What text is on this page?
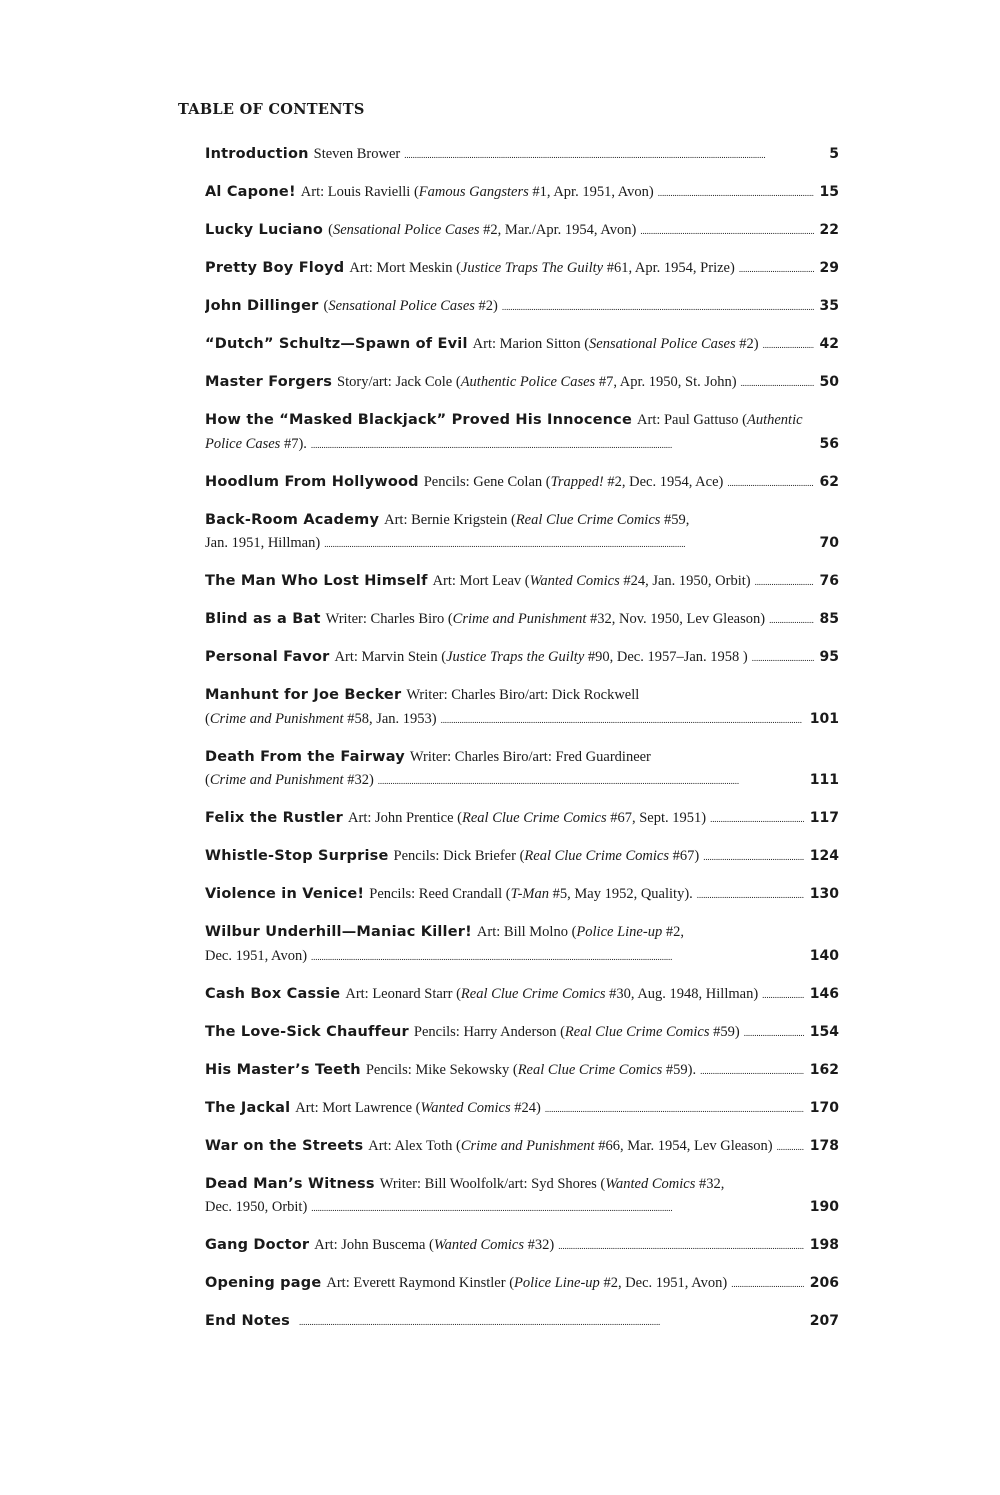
TABLE OF CONTENTS
Introduction Steven Brower . . .	5
Al Capone! Art: Louis Ravielli (Famous Gangsters #1, Apr. 1951, Avon) . . .	15
Lucky Luciano (Sensational Police Cases #2, Mar./Apr. 1954, Avon) . . .	22
Pretty Boy Floyd Art: Mort Meskin (Justice Traps The Guilty #61, Apr. 1954, Prize) . . .	29
John Dillinger (Sensational Police Cases #2) . . .	35
“Dutch” Schultz—Spawn of Evil Art: Marion Sitton (Sensational Police Cases #2) . . .	42
Master Forgers Story/art: Jack Cole (Authentic Police Cases #7, Apr. 1950, St. John) . . .	50
How the “Masked Blackjack” Proved His Innocence Art: Paul Gattuso (Authentic
Police Cases #7). . . .	56
Hoodlum From Hollywood Pencils: Gene Colan (Trapped! #2, Dec. 1954, Ace) . . .	62
Back-Room Academy Art: Bernie Krigstein (Real Clue Crime Comics #59,
Jan. 1951, Hillman) . . .	70
The Man Who Lost Himself Art: Mort Leav (Wanted Comics #24, Jan. 1950, Orbit) . . .	76
Blind as a Bat Writer: Charles Biro (Crime and Punishment #32, Nov. 1950, Lev Gleason) . . .	85
Personal Favor Art: Marvin Stein (Justice Traps the Guilty #90, Dec. 1957–Jan. 1958 ) . . .	95
Manhunt for Joe Becker Writer: Charles Biro/art: Dick Rockwell
(Crime and Punishment #58, Jan. 1953) . . .	101
Death From the Fairway Writer: Charles Biro/art: Fred Guardineer
(Crime and Punishment #32) . . .	111
Felix the Rustler Art: John Prentice (Real Clue Crime Comics #67, Sept. 1951) . . .	117
Whistle-Stop Surprise Pencils: Dick Briefer (Real Clue Crime Comics #67) . . .	124
Violence in Venice! Pencils: Reed Crandall (T-Man #5, May 1952, Quality). . . .	130
Wilbur Underhill—Maniac Killer! Art: Bill Molno (Police Line-up #2,
Dec. 1951, Avon) . . .	140
Cash Box Cassie Art: Leonard Starr (Real Clue Crime Comics #30, Aug. 1948, Hillman) . . .	146
The Love-Sick Chauffeur Pencils: Harry Anderson (Real Clue Crime Comics #59) . . .	154
His Master’s Teeth Pencils: Mike Sekowsky (Real Clue Crime Comics #59). . . .	162
The Jackal Art: Mort Lawrence (Wanted Comics #24) . . .	170
War on the Streets Art: Alex Toth (Crime and Punishment #66, Mar. 1954, Lev Gleason) . . .	178
Dead Man’s Witness Writer: Bill Woolfolk/art: Syd Shores (Wanted Comics #32,
Dec. 1950, Orbit) . . .	190
Gang Doctor Art: John Buscema (Wanted Comics #32) . . .	198
Opening page Art: Everett Raymond Kinstler (Police Line-up #2, Dec. 1951, Avon) . . .	206
End Notes . . .	207
